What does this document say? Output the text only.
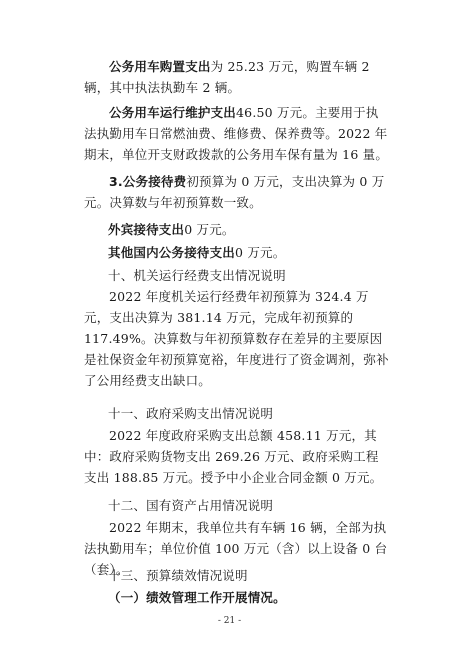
公务用车购置支出为 25.23 万元，购置车辆 2 辆，其中执法执勤车 2 辆。
公务用车运行维护支出46.50 万元。主要用于执法执勤用车日常燃油费、维修费、保养费等。2022 年期末，单位开支财政拨款的公务用车保有量为 16 量。
3.公务接待费初预算为 0 万元，支出决算为 0 万元。决算数与年初预算数一致。
外宾接待支出0 万元。
其他国内公务接待支出0 万元。
十、机关运行经费支出情况说明
2022 年度机关运行经费年初预算为 324.4 万元，支出决算为 381.14 万元，完成年初预算的 117.49%。决算数与年初预算数存在差异的主要原因是社保资金年初预算宽裕，年度进行了资金调剂，弥补了公用经费支出缺口。
十一、政府采购支出情况说明
2022 年度政府采购支出总额 458.11 万元，其中：政府采购货物支出 269.26 万元、政府采购工程支出 188.85 万元。授予中小企业合同金额 0 万元。
十二、国有资产占用情况说明
2022 年期末，我单位共有车辆 16 辆，全部为执法执勤用车；单位价值 100 万元（含）以上设备 0 台（套）。
十三、预算绩效情况说明
（一）绩效管理工作开展情况。
- 21 -
